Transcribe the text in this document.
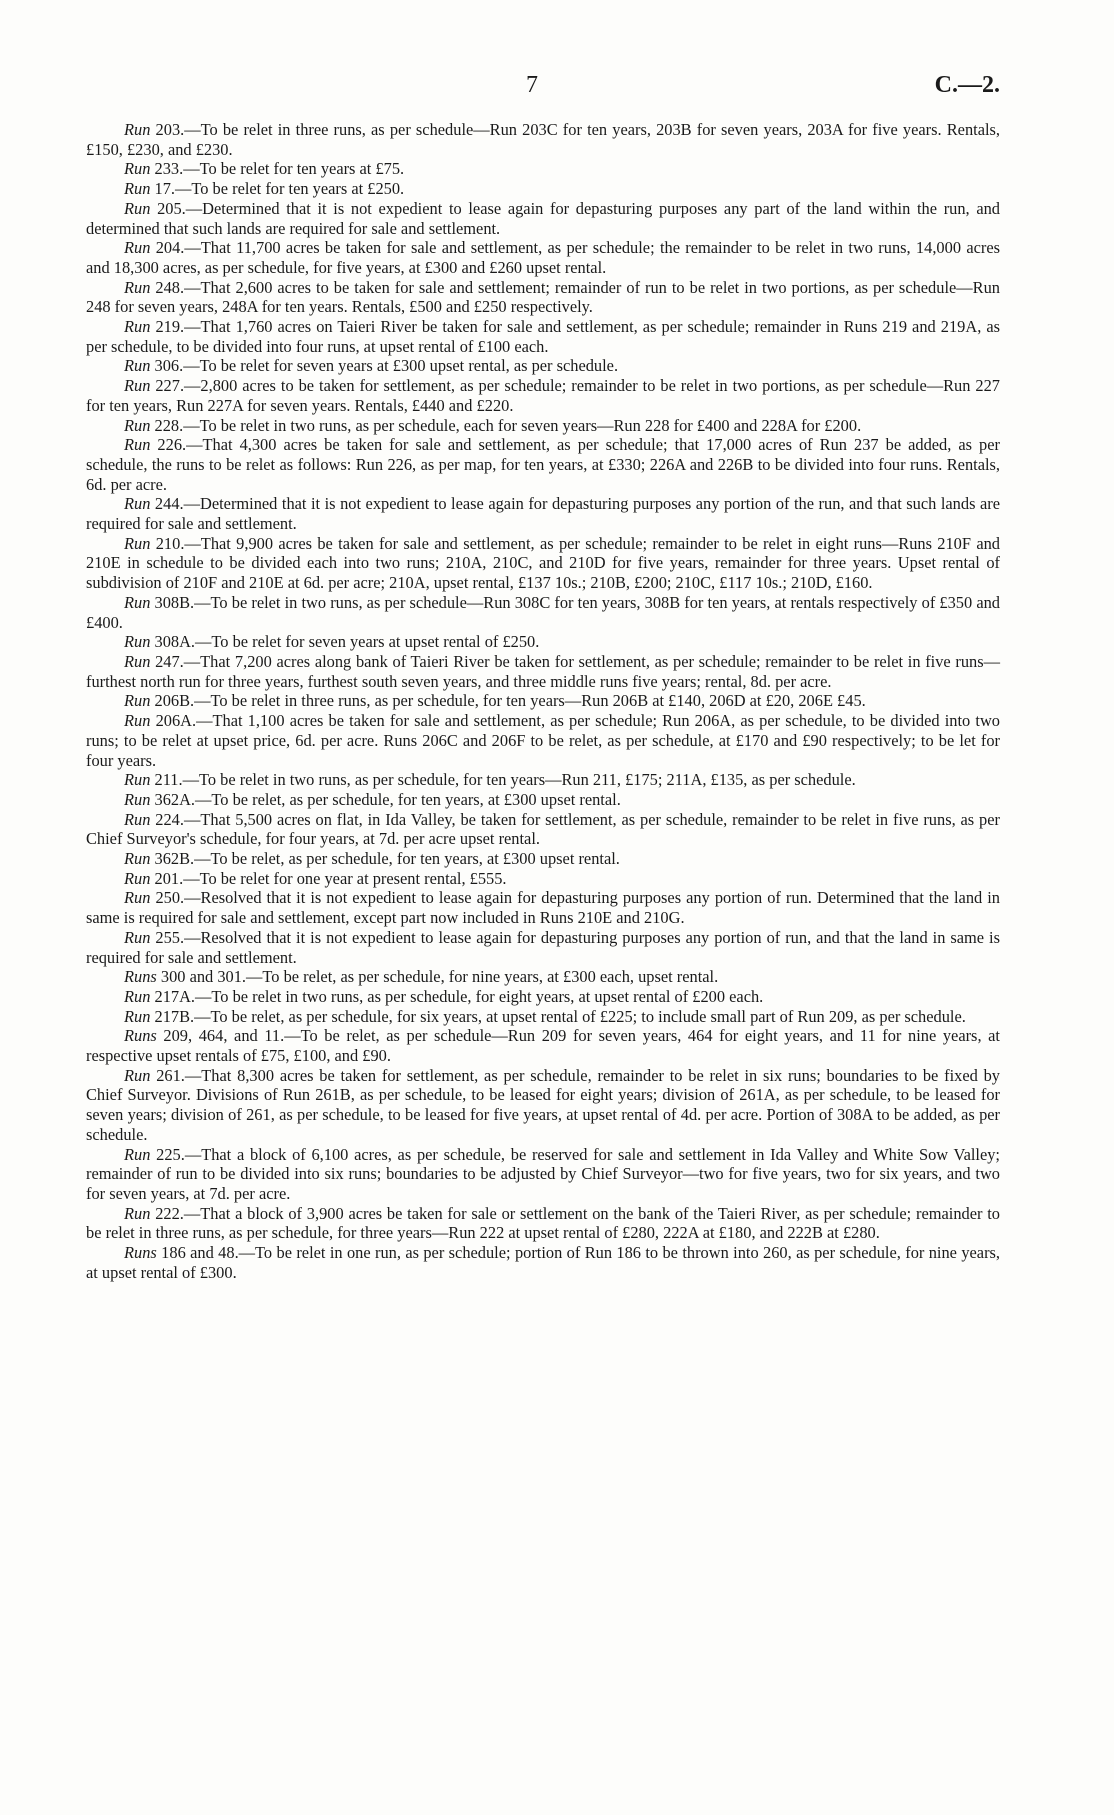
7	C.—2.

Run 203.—To be relet in three runs, as per schedule—Run 203C for ten years, 203B for seven years, 203A for five years. Rentals, £150, £230, and £230.

Run 233.—To be relet for ten years at £75.

Run 17.—To be relet for ten years at £250.

Run 205.—Determined that it is not expedient to lease again for depasturing purposes any part of the land within the run, and determined that such lands are required for sale and settlement.

Run 204.—That 11,700 acres be taken for sale and settlement, as per schedule; the remainder to be relet in two runs, 14,000 acres and 18,300 acres, as per schedule, for five years, at £300 and £260 upset rental.

Run 248.—That 2,600 acres to be taken for sale and settlement; remainder of run to be relet in two portions, as per schedule—Run 248 for seven years, 248A for ten years. Rentals, £500 and £250 respectively.

Run 219.—That 1,760 acres on Taieri River be taken for sale and settlement, as per schedule; remainder in Runs 219 and 219A, as per schedule, to be divided into four runs, at upset rental of £100 each.

Run 306.—To be relet for seven years at £300 upset rental, as per schedule.

Run 227.—2,800 acres to be taken for settlement, as per schedule; remainder to be relet in two portions, as per schedule—Run 227 for ten years, Run 227A for seven years. Rentals, £440 and £220.

Run 228.—To be relet in two runs, as per schedule, each for seven years—Run 228 for £400 and 228A for £200.

Run 226.—That 4,300 acres be taken for sale and settlement, as per schedule; that 17,000 acres of Run 237 be added, as per schedule, the runs to be relet as follows: Run 226, as per map, for ten years, at £330; 226A and 226B to be divided into four runs. Rentals, 6d. per acre.

Run 244.—Determined that it is not expedient to lease again for depasturing purposes any portion of the run, and that such lands are required for sale and settlement.

Run 210.—That 9,900 acres be taken for sale and settlement, as per schedule; remainder to be relet in eight runs—Runs 210F and 210E in schedule to be divided each into two runs; 210A, 210C, and 210D for five years, remainder for three years. Upset rental of subdivision of 210F and 210E at 6d. per acre; 210A, upset rental, £137 10s.; 210B, £200; 210C, £117 10s.; 210D, £160.

Run 308B.—To be relet in two runs, as per schedule—Run 308C for ten years, 308B for ten years, at rentals respectively of £350 and £400.

Run 308A.—To be relet for seven years at upset rental of £250.

Run 247.—That 7,200 acres along bank of Taieri River be taken for settlement, as per schedule; remainder to be relet in five runs—furthest north run for three years, furthest south seven years, and three middle runs five years; rental, 8d. per acre.

Run 206B.—To be relet in three runs, as per schedule, for ten years—Run 206B at £140, 206D at £20, 206E £45.

Run 206A.—That 1,100 acres be taken for sale and settlement, as per schedule; Run 206A, as per schedule, to be divided into two runs; to be relet at upset price, 6d. per acre. Runs 206C and 206F to be relet, as per schedule, at £170 and £90 respectively; to be let for four years.

Run 211.—To be relet in two runs, as per schedule, for ten years—Run 211, £175; 211A, £135, as per schedule.

Run 362A.—To be relet, as per schedule, for ten years, at £300 upset rental.

Run 224.—That 5,500 acres on flat, in Ida Valley, be taken for settlement, as per schedule, remainder to be relet in five runs, as per Chief Surveyor's schedule, for four years, at 7d. per acre upset rental.

Run 362B.—To be relet, as per schedule, for ten years, at £300 upset rental.

Run 201.—To be relet for one year at present rental, £555.

Run 250.—Resolved that it is not expedient to lease again for depasturing purposes any portion of run. Determined that the land in same is required for sale and settlement, except part now included in Runs 210E and 210G.

Run 255.—Resolved that it is not expedient to lease again for depasturing purposes any portion of run, and that the land in same is required for sale and settlement.

Runs 300 and 301.—To be relet, as per schedule, for nine years, at £300 each, upset rental.

Run 217A.—To be relet in two runs, as per schedule, for eight years, at upset rental of £200 each.

Run 217B.—To be relet, as per schedule, for six years, at upset rental of £225; to include small part of Run 209, as per schedule.

Runs 209, 464, and 11.—To be relet, as per schedule—Run 209 for seven years, 464 for eight years, and 11 for nine years, at respective upset rentals of £75, £100, and £90.

Run 261.—That 8,300 acres be taken for settlement, as per schedule, remainder to be relet in six runs; boundaries to be fixed by Chief Surveyor. Divisions of Run 261B, as per schedule, to be leased for eight years; division of 261A, as per schedule, to be leased for seven years; division of 261, as per schedule, to be leased for five years, at upset rental of 4d. per acre. Portion of 308A to be added, as per schedule.

Run 225.—That a block of 6,100 acres, as per schedule, be reserved for sale and settlement in Ida Valley and White Sow Valley; remainder of run to be divided into six runs; boundaries to be adjusted by Chief Surveyor—two for five years, two for six years, and two for seven years, at 7d. per acre.

Run 222.—That a block of 3,900 acres be taken for sale or settlement on the bank of the Taieri River, as per schedule; remainder to be relet in three runs, as per schedule, for three years—Run 222 at upset rental of £280, 222A at £180, and 222B at £280.

Runs 186 and 48.—To be relet in one run, as per schedule; portion of Run 186 to be thrown into 260, as per schedule, for nine years, at upset rental of £300.
